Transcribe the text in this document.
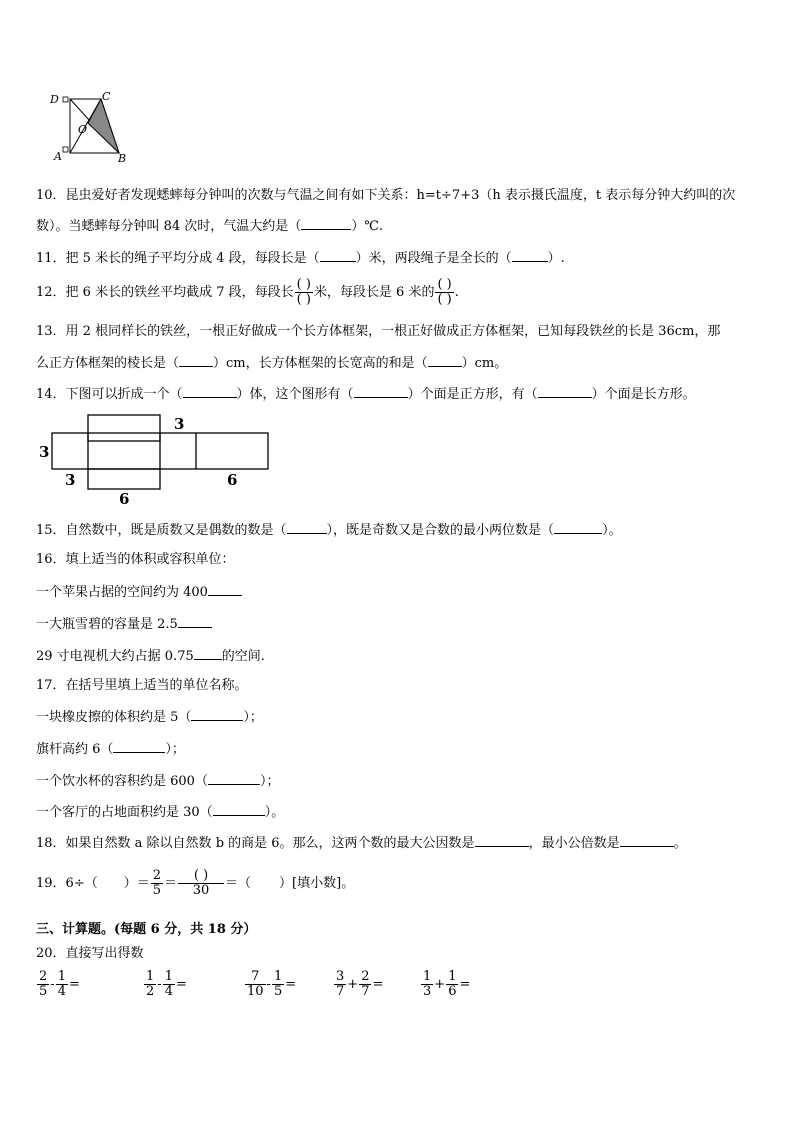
D	C
O
A	B
10．昆虫爱好者发现蟋蟀每分钟叫的次数与气温之间有如下关系：h=t÷7+3（h 表示摄氏温度，t 表示每分钟大约叫的次
数）。当蟋蟀每分钟叫 84 次时，气温大约是（	）℃.
11．把 5 米长的绳子平均分成 4 段，每段长是（	）米，两段绳子是全长的（	）.
12．把 6 米长的铁丝平均截成 7 段，每段长 $\frac{( )}{( )}$ 米，每段长是 6 米的 $\frac{( )}{( )}$ .
13．用 2 根同样长的铁丝，一根正好做成一个长方体框架，一根正好做成正方体框架，已知每段铁丝的长是 36cm，那
么正方体框架的棱长是（	）cm，长方体框架的长宽高的和是（	）cm。
14．下图可以折成一个（	）体，这个图形有（	）个面是正方形，有（	）个面是长方形。
3
3
3
6
6
15．自然数中，既是质数又是偶数的数是（	），既是奇数又是合数的最小两位数是（	）。
16．填上适当的体积或容积单位：
一个苹果占据的空间约为 400
一大瓶雪碧的容量是 2.5
29 寸电视机大约占据 0.75 的空间.
17．在括号里填上适当的单位名称。
一块橡皮擦的体积约是 5（	）；
旗杆高约 6（	）；
一个饮水杯的容积约是 600（	）；
一个客厅的占地面积约是 30（	）。
18．如果自然数 a 除以自然数 b 的商是 6。那么，这两个数的最大公因数是	，最小公倍数是	。
19．6÷（ ）＝ $\frac{2}{5} = \frac{( )}{30}$ ＝（ ）[填小数]。
三、计算题。(每题 6 分，共 18 分）
20．直接写出得数
$\frac{2}{5} - \frac{1}{4}$ =	$\frac{1}{2} - \frac{1}{4}$ =	$\frac{7}{10} - \frac{1}{5}$ =	$\frac{3}{7} + \frac{2}{7}$ =	$\frac{1}{3} + \frac{1}{6}$ =
